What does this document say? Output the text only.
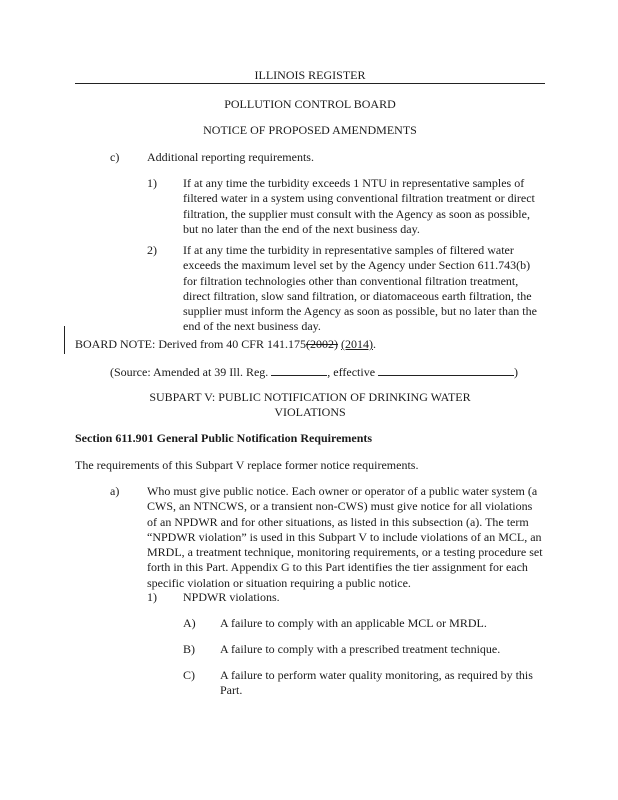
ILLINOIS REGISTER
POLLUTION CONTROL BOARD
NOTICE OF PROPOSED AMENDMENTS
c) Additional reporting requirements.
1) If at any time the turbidity exceeds 1 NTU in representative samples of
filtered water in a system using conventional filtration treatment or direct
filtration, the supplier must consult with the Agency as soon as possible,
but no later than the end of the next business day.
2) If at any time the turbidity in representative samples of filtered water
exceeds the maximum level set by the Agency under Section 611.743(b)
for filtration technologies other than conventional filtration treatment,
direct filtration, slow sand filtration, or diatomaceous earth filtration, the
supplier must inform the Agency as soon as possible, but no later than the
end of the next business day.
BOARD NOTE: Derived from 40 CFR 141.175(2002) (2014).
(Source: Amended at 39 Ill. Reg.	, effective	)
SUBPART V: PUBLIC NOTIFICATION OF DRINKING WATER
VIOLATIONS
Section 611.901 General Public Notification Requirements
The requirements of this Subpart V replace former notice requirements.
a) Who must give public notice. Each owner or operator of a public water system (a
CWS, an NTNCWS, or a transient non-CWS) must give notice for all violations
of an NPDWR and for other situations, as listed in this subsection (a). The term
“NPDWR violation” is used in this Subpart V to include violations of an MCL, an
MRDL, a treatment technique, monitoring requirements, or a testing procedure set
forth in this Part. Appendix G to this Part identifies the tier assignment for each
specific violation or situation requiring a public notice.
1) NPDWR violations.
A) A failure to comply with an applicable MCL or MRDL.
B) A failure to comply with a prescribed treatment technique.
C) A failure to perform water quality monitoring, as required by this
Part.
